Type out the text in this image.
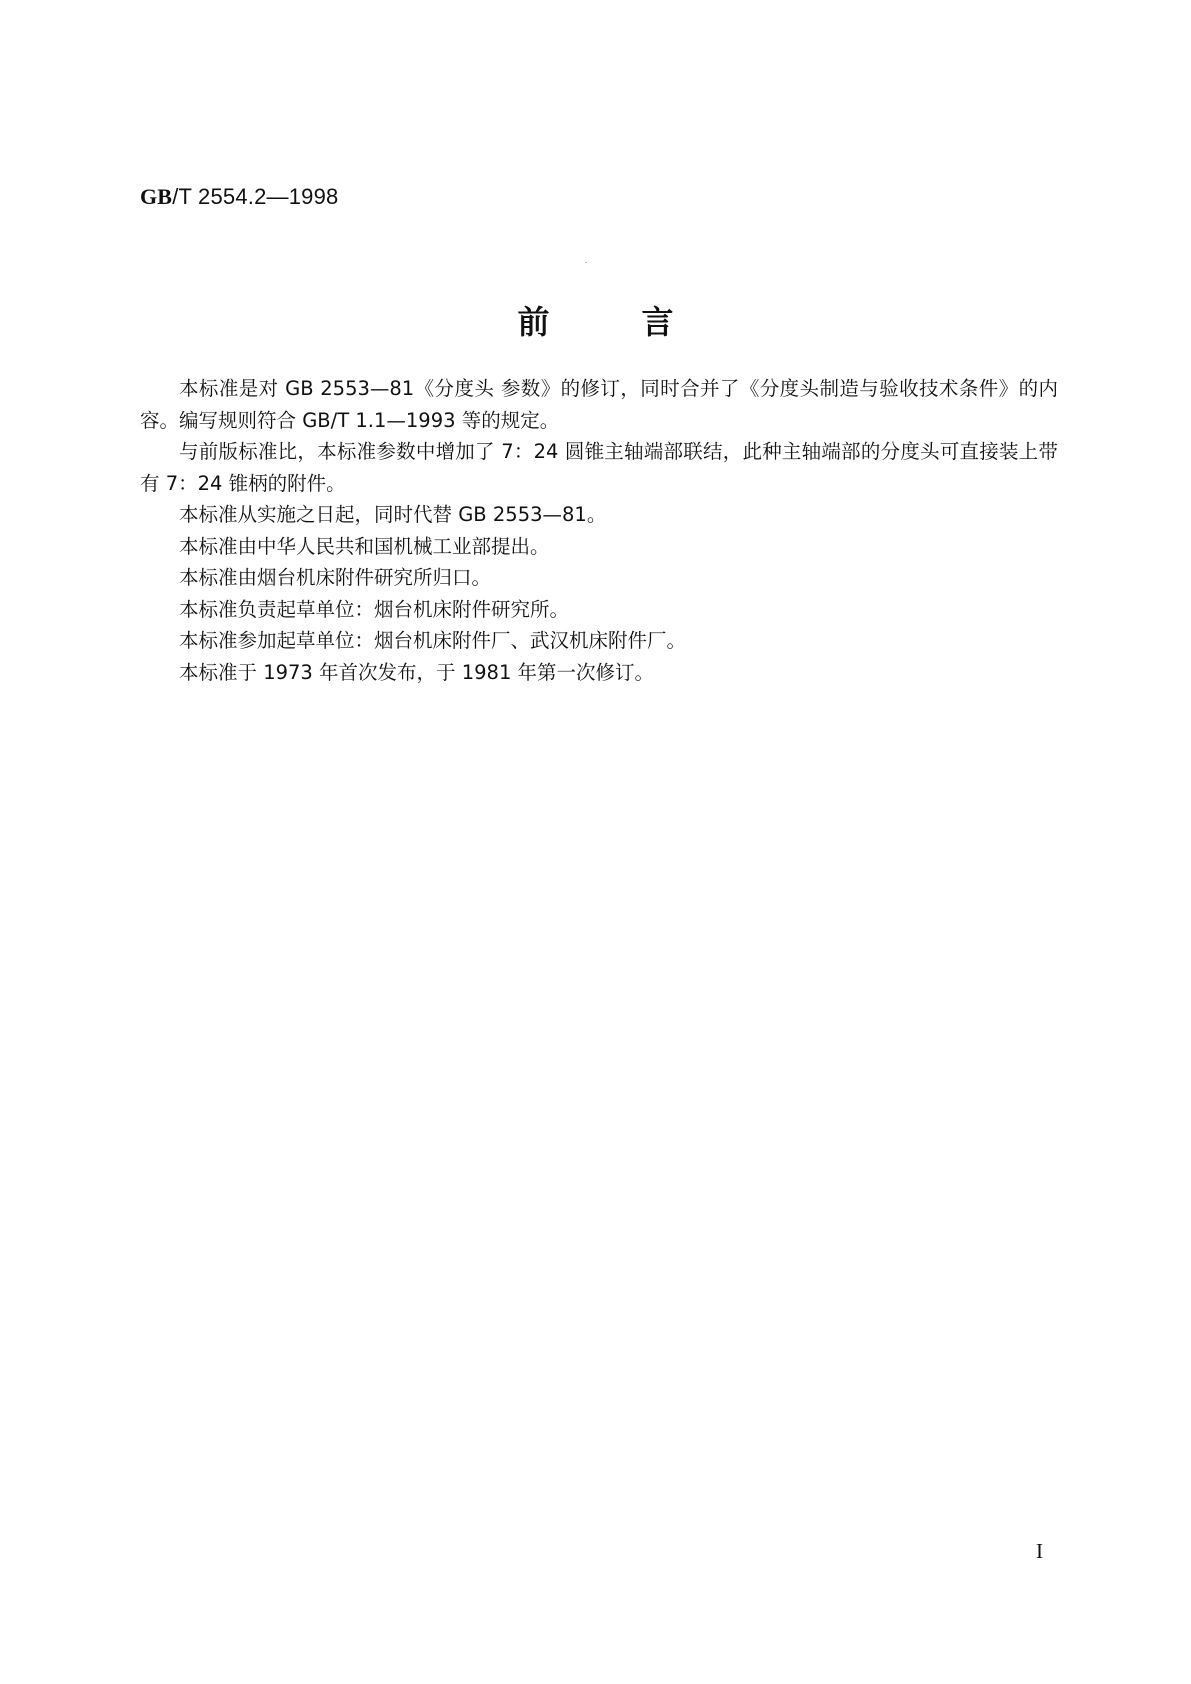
GB/T 2554.2—1998
前言

本标准是对 GB 2553—81《分度头 参数》的修订，同时合并了《分度头制造与验收技术条件》的内容。编写规则符合 GB/T 1.1—1993 等的规定。

与前版标准比，本标准参数中增加了 7：24 圆锥主轴端部联结，此种主轴端部的分度头可直接装上带有 7：24 锥柄的附件。

本标准从实施之日起，同时代替 GB 2553—81。

本标准由中华人民共和国机械工业部提出。

本标准由烟台机床附件研究所归口。

本标准负责起草单位：烟台机床附件研究所。

本标准参加起草单位：烟台机床附件厂、武汉机床附件厂。

本标准于 1973 年首次发布，于 1981 年第一次修订。

I
